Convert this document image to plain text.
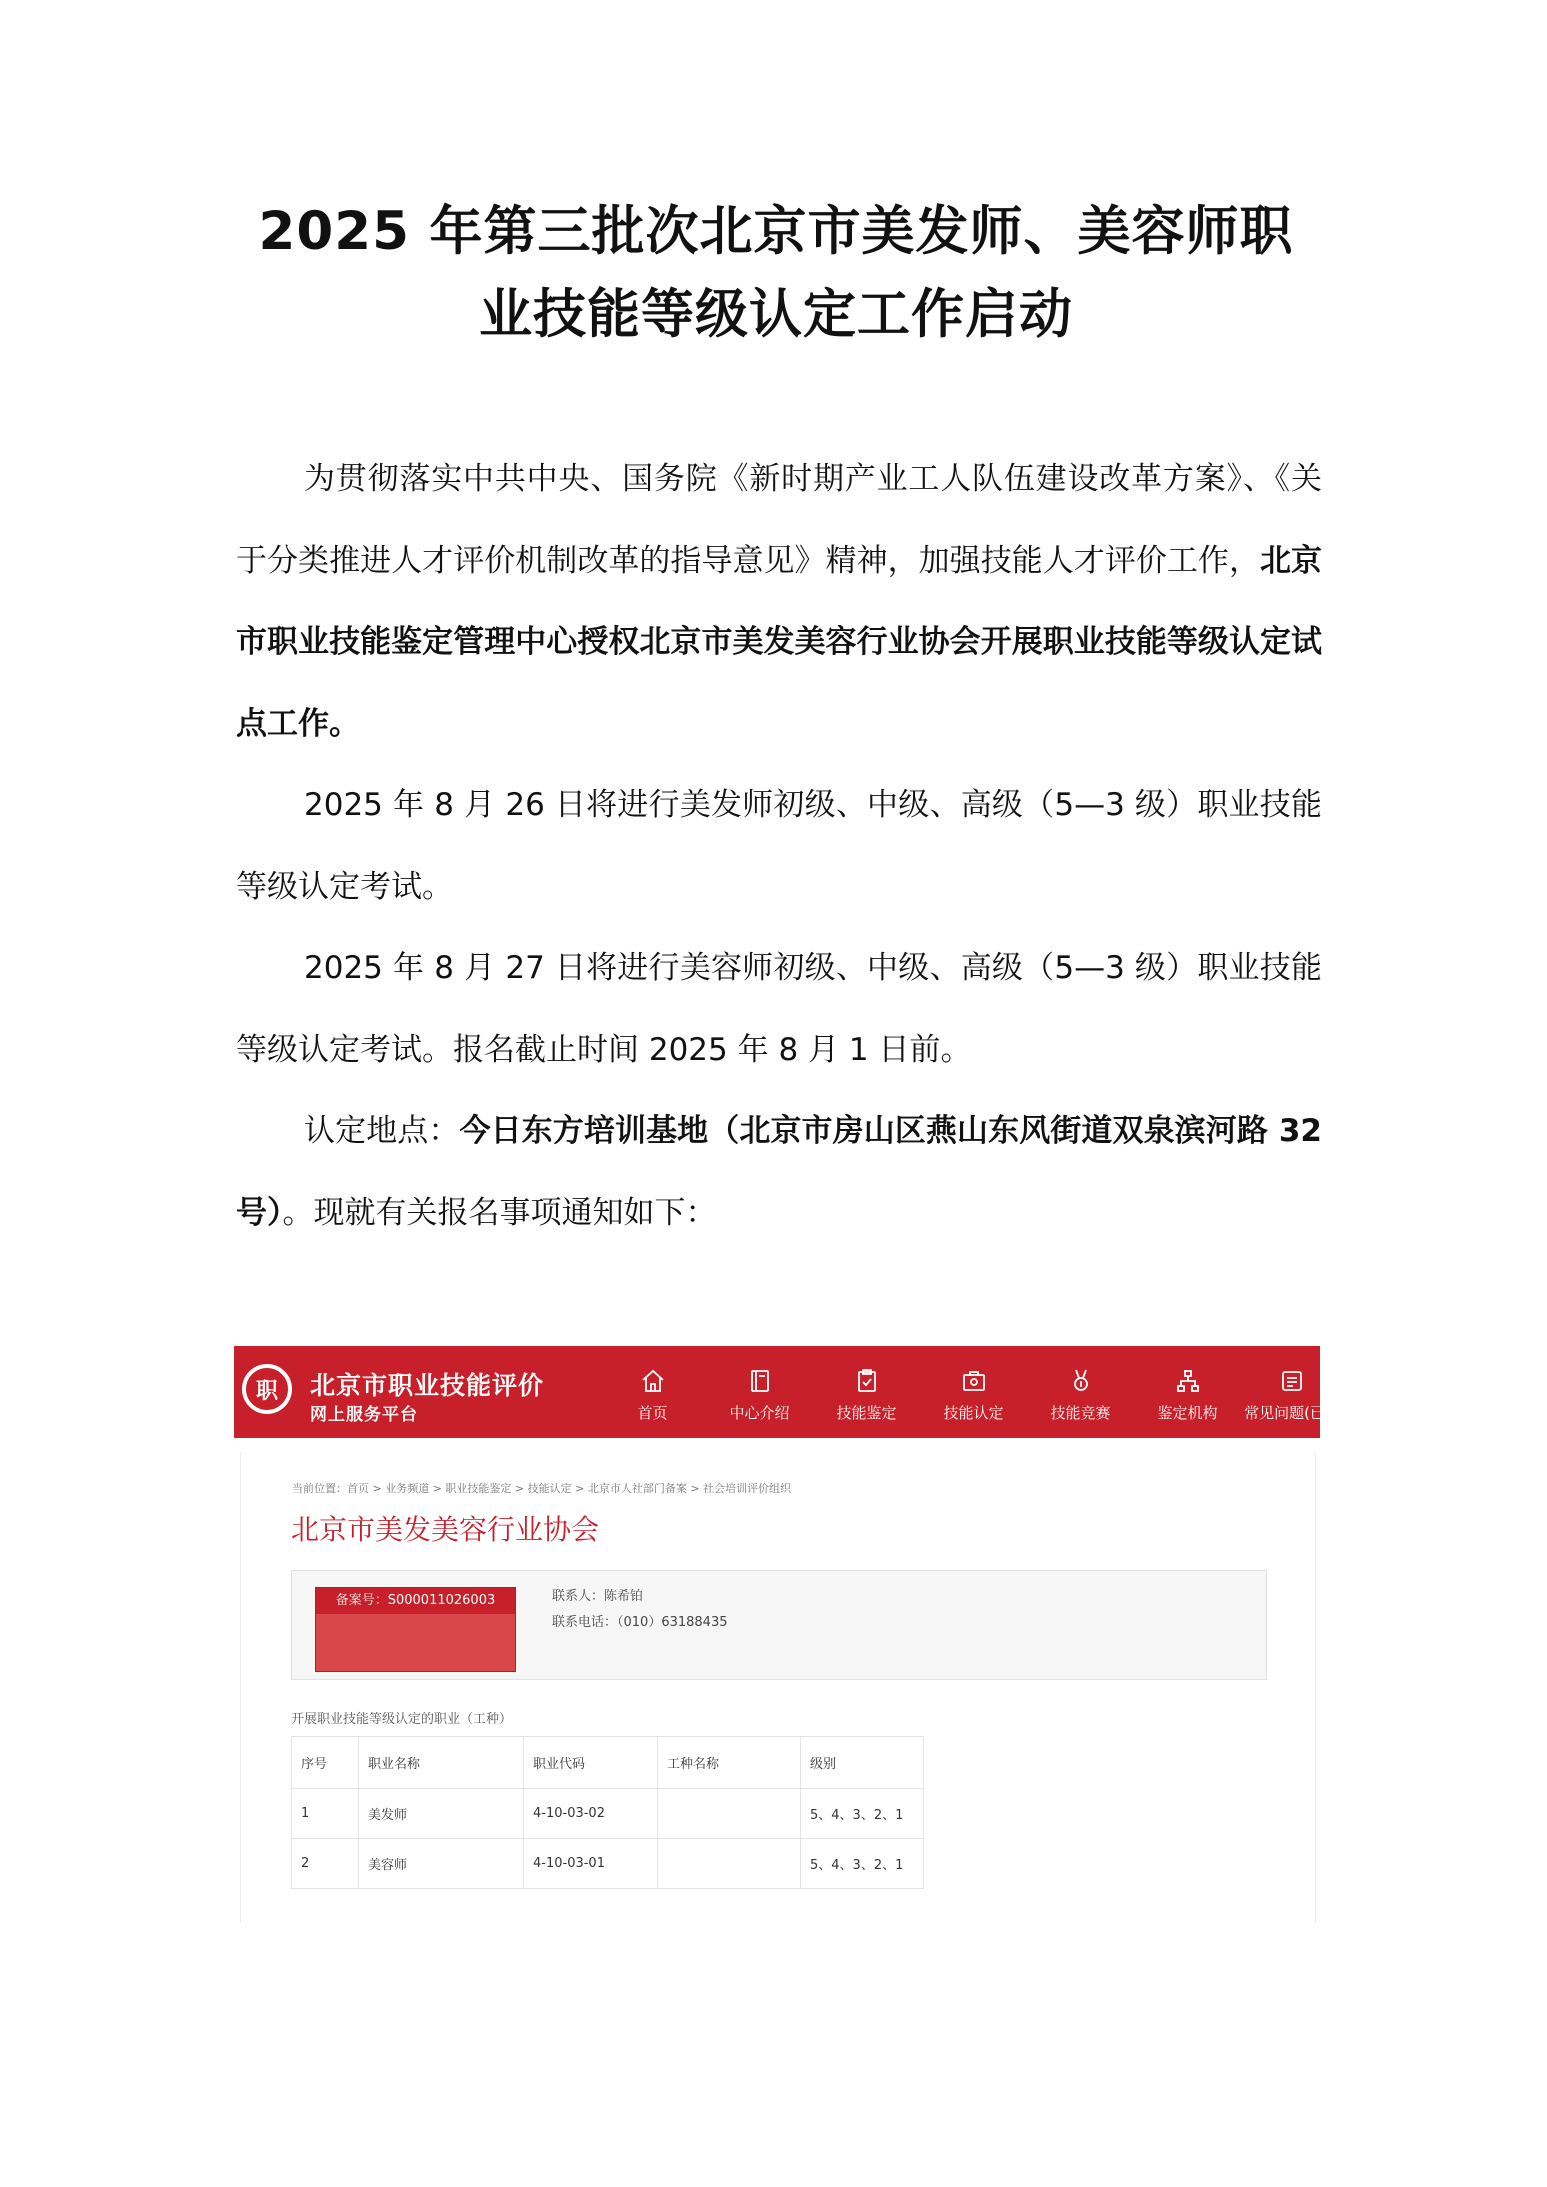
2025 年第三批次北京市美发师、美容师职
业技能等级认定工作启动

为贯彻落实中共中央、国务院《新时期产业工人队伍建设改革方案》、《关于分类推进人才评价机制改革的指导意见》精神，加强技能人才评价工作，北京市职业技能鉴定管理中心授权北京市美发美容行业协会开展职业技能等级认定试点工作。

2025 年 8 月 26 日将进行美发师初级、中级、高级（5—3 级）职业技能等级认定考试。

2025 年 8 月 27 日将进行美容师初级、中级、高级（5—3 级）职业技能等级认定考试。报名截止时间 2025 年 8 月 1 日前。

认定地点：今日东方培训基地（北京市房山区燕山东风街道双泉滨河路 32 号）。现就有关报名事项通知如下：

职	北京市职业技能评价
网上服务平台	首页	中心介绍	技能鉴定	技能认定	技能竞赛	鉴定机构 常见问题(已归
当前位置：首页 > 业务频道 > 职业技能鉴定 > 技能认定 > 北京市人社部门备案 > 社会培训评价组织
北京市美发美容行业协会
备案号：S000011026003	联系人：陈希铂
联系电话：（010）63188435
开展职业技能等级认定的职业（工种）
序号	职业名称	职业代码	工种名称	级别
1	美发师	4-10-03-02		5、4、3、2、1
2	美容师	4-10-03-01		5、4、3、2、1
